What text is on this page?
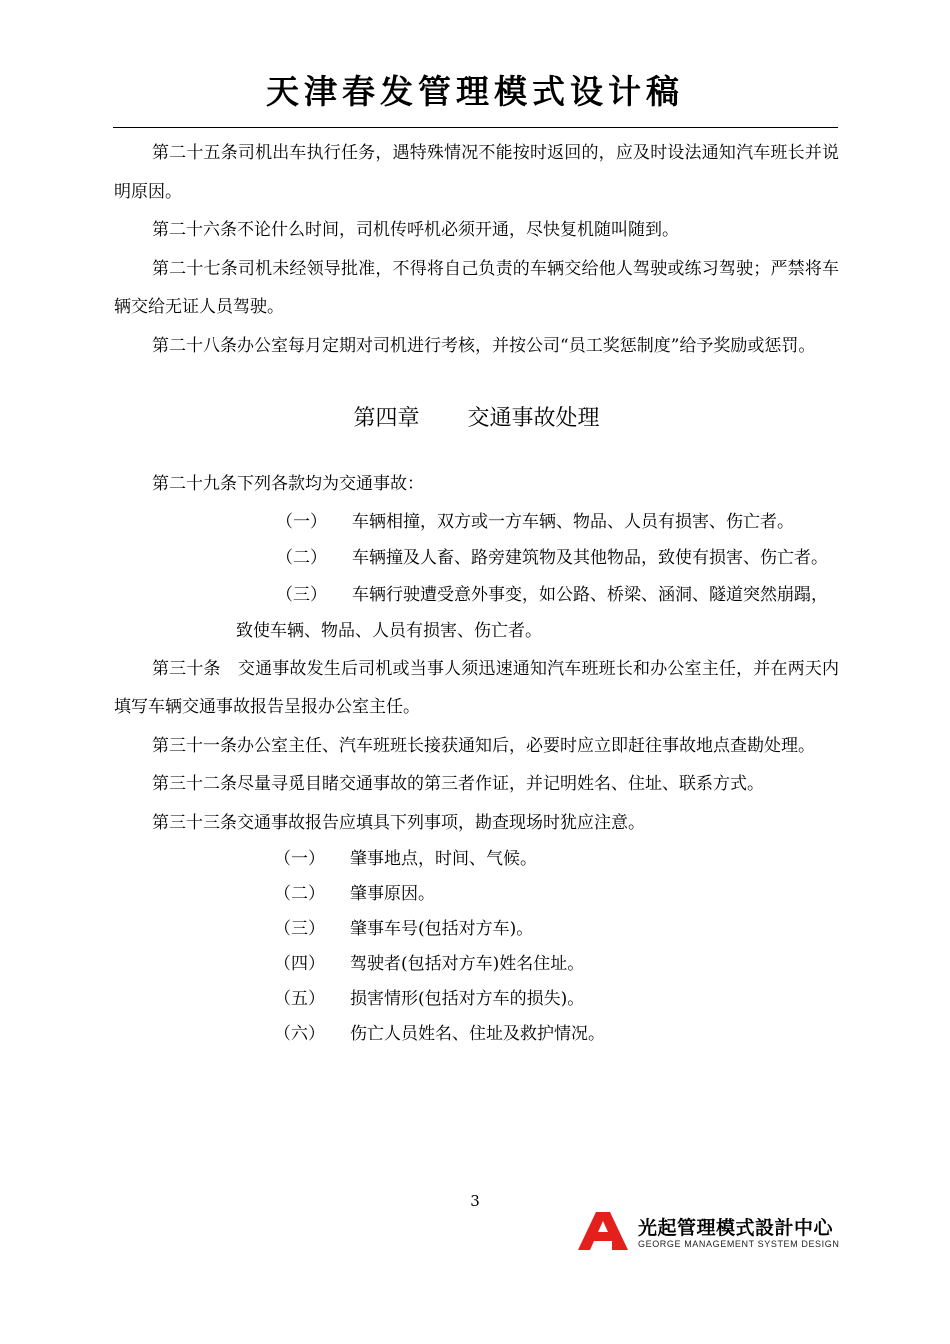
天津春发管理模式设计稿

第二十五条司机出车执行任务，遇特殊情况不能按时返回的，应及时设法通知汽车班长并说明原因。

第二十六条不论什么时间，司机传呼机必须开通，尽快复机随叫随到。

第二十七条司机未经领导批准，不得将自己负责的车辆交给他人驾驶或练习驾驶；严禁将车辆交给无证人员驾驶。

第二十八条办公室每月定期对司机进行考核，并按公司“员工奖惩制度”给予奖励或惩罚。

第四章 交通事故处理

第二十九条下列各款均为交通事故：

（一） 车辆相撞，双方或一方车辆、物品、人员有损害、伤亡者。
（二） 车辆撞及人畜、路旁建筑物及其他物品，致使有损害、伤亡者。
（三） 车辆行驶遭受意外事变，如公路、桥梁、涵洞、隧道突然崩蹋，致使车辆、物品、人员有损害、伤亡者。

第三十条　交通事故发生后司机或当事人须迅速通知汽车班班长和办公室主任，并在两天内填写车辆交通事故报告呈报办公室主任。

第三十一条办公室主任、汽车班班长接获通知后，必要时应立即赶往事故地点查勘处理。

第三十二条尽量寻觅目睹交通事故的第三者作证，并记明姓名、住址、联系方式。

第三十三条交通事故报告应填具下列事项，勘查现场时犹应注意。

（一） 肇事地点，时间、气候。
（二） 肇事原因。
（三） 肇事车号(包括对方车)。
（四） 驾驶者(包括对方车)姓名住址。
（五） 损害情形(包括对方车的损失)。
（六） 伤亡人员姓名、住址及救护情况。
3
光起管理模式設計中心
GEORGE MANAGEMENT SYSTEM DESIGN
